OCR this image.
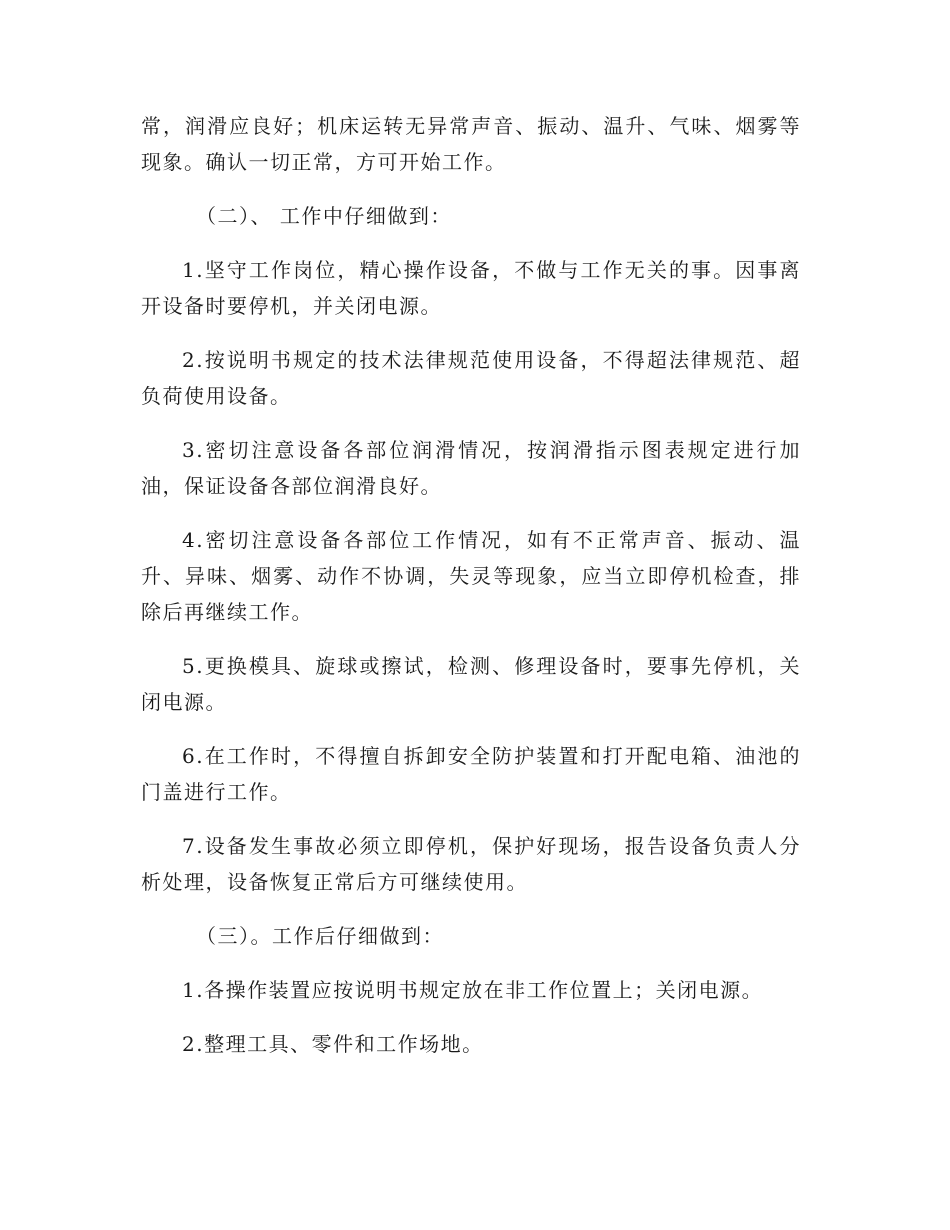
常，润滑应良好；机床运转无异常声音、振动、温升、气味、烟雾等现象。确认一切正常，方可开始工作。

（二）、 工作中仔细做到：

1.坚守工作岗位，精心操作设备，不做与工作无关的事。因事离开设备时要停机，并关闭电源。

2.按说明书规定的技术法律规范使用设备，不得超法律规范、超负荷使用设备。

3.密切注意设备各部位润滑情况，按润滑指示图表规定进行加油，保证设备各部位润滑良好。

4.密切注意设备各部位工作情况，如有不正常声音、振动、温升、异味、烟雾、动作不协调，失灵等现象，应当立即停机检查，排除后再继续工作。

5.更换模具、旋球或擦试，检测、修理设备时，要事先停机，关闭电源。

6.在工作时，不得擅自拆卸安全防护装置和打开配电箱、油池的门盖进行工作。

7.设备发生事故必须立即停机，保护好现场，报告设备负责人分析处理，设备恢复正常后方可继续使用。

（三）。工作后仔细做到：

1.各操作装置应按说明书规定放在非工作位置上；关闭电源。

2.整理工具、零件和工作场地。
